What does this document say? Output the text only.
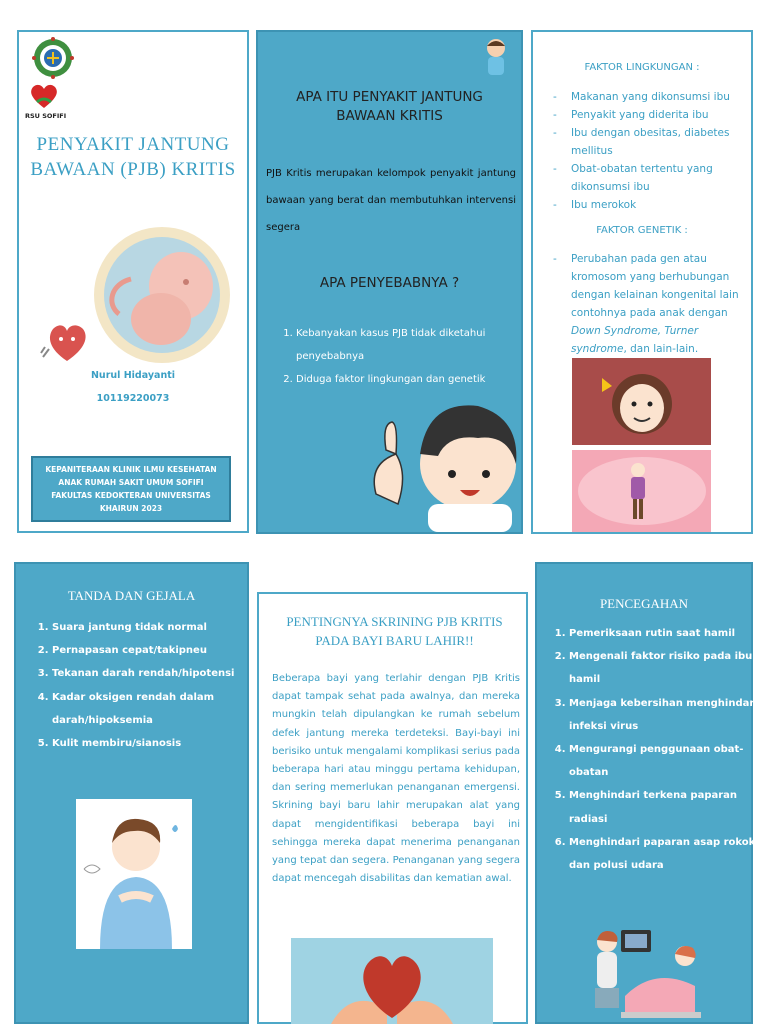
RSU SOFIFI
PENYAKIT JANTUNG
BAWAAN (PJB) KRITIS
Nurul Hidayanti
10119220073
KEPANITERAAN KLINIK ILMU KESEHATAN
ANAK RUMAH SAKIT UMUM SOFIFI
FAKULTAS KEDOKTERAN UNIVERSITAS
KHAIRUN 2023
APA ITU PENYAKIT JANTUNG
BAWAAN KRITIS
PJB Kritis merupakan kelompok penyakit jantung bawaan yang berat dan membutuhkan intervensi segera
APA PENYEBABNYA ?
1. Kebanyakan kasus PJB tidak diketahui penyebabnya
2. Diduga faktor lingkungan dan genetik
FAKTOR LINGKUNGAN :
- Makanan yang dikonsumsi ibu
- Penyakit yang diderita ibu
- Ibu dengan obesitas, diabetes mellitus
- Obat-obatan tertentu yang dikonsumsi ibu
- Ibu merokok
FAKTOR GENETIK :
- Perubahan pada gen atau kromosom yang berhubungan dengan kelainan kongenital lain contohnya pada anak dengan Down Syndrome, Turner syndrome, dan lain-lain.
TANDA DAN GEJALA
1. Suara jantung tidak normal
2. Pernapasan cepat/takipneu
3. Tekanan darah rendah/hipotensi
4. Kadar oksigen rendah dalam darah/hipoksemia
5. Kulit membiru/sianosis
PENTINGNYA SKRINING PJB KRITIS
PADA BAYI BARU LAHIR!!
Beberapa bayi yang terlahir dengan PJB Kritis dapat tampak sehat pada awalnya, dan mereka mungkin telah dipulangkan ke rumah sebelum defek jantung mereka terdeteksi. Bayi-bayi ini berisiko untuk mengalami komplikasi serius pada beberapa hari atau minggu pertama kehidupan, dan sering memerlukan penanganan emergensi. Skrining bayi baru lahir merupakan alat yang dapat mengidentifikasi beberapa bayi ini sehingga mereka dapat menerima penanganan yang tepat dan segera. Penanganan yang segera dapat mencegah disabilitas dan kematian awal.
PENCEGAHAN
1. Pemeriksaan rutin saat hamil
2. Mengenali faktor risiko pada ibu hamil
3. Menjaga kebersihan menghindari infeksi virus
4. Mengurangi penggunaan obat-obatan
5. Menghindari terkena paparan radiasi
6. Menghindari paparan asap rokok dan polusi udara
